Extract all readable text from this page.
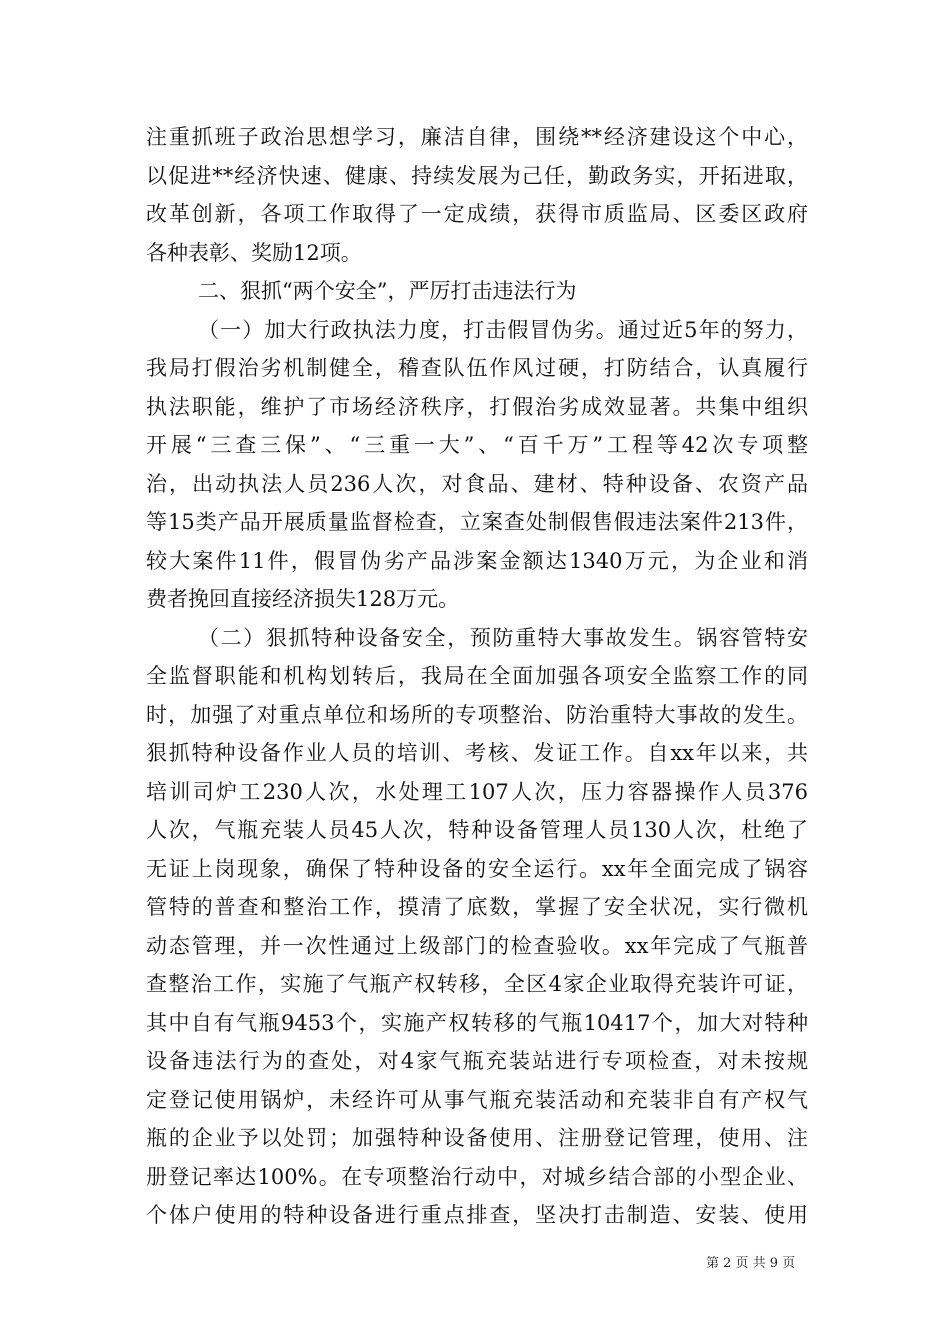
注重抓班子政治思想学习，廉洁自律，围绕**经济建设这个中心，
以促进**经济快速、健康、持续发展为己任，勤政务实，开拓进取，
改革创新，各项工作取得了一定成绩，获得市质监局、区委区政府
各种表彰、奖励12项。
二、狠抓“两个安全”，严厉打击违法行为
（一）加大行政执法力度，打击假冒伪劣。通过近5年的努力，
我局打假治劣机制健全，稽查队伍作风过硬，打防结合，认真履行
执法职能，维护了市场经济秩序，打假治劣成效显著。共集中组织
开展“三查三保”、“三重一大”、“百千万”工程等42次专项整
治，出动执法人员236人次，对食品、建材、特种设备、农资产品
等15类产品开展质量监督检查，立案查处制假售假违法案件213件，
较大案件11件，假冒伪劣产品涉案金额达1340万元，为企业和消
费者挽回直接经济损失128万元。
（二）狠抓特种设备安全，预防重特大事故发生。锅容管特安
全监督职能和机构划转后，我局在全面加强各项安全监察工作的同
时，加强了对重点单位和场所的专项整治、防治重特大事故的发生。
狠抓特种设备作业人员的培训、考核、发证工作。自xx年以来，共
培训司炉工230人次，水处理工107人次，压力容器操作人员376
人次，气瓶充装人员45人次，特种设备管理人员130人次，杜绝了
无证上岗现象，确保了特种设备的安全运行。xx年全面完成了锅容
管特的普查和整治工作，摸清了底数，掌握了安全状况，实行微机
动态管理，并一次性通过上级部门的检查验收。xx年完成了气瓶普
查整治工作，实施了气瓶产权转移，全区4家企业取得充装许可证，
其中自有气瓶9453个，实施产权转移的气瓶10417个，加大对特种
设备违法行为的查处，对4家气瓶充装站进行专项检查，对未按规
定登记使用锅炉，未经许可从事气瓶充装活动和充装非自有产权气
瓶的企业予以处罚；加强特种设备使用、注册登记管理，使用、注
册登记率达100%。在专项整治行动中，对城乡结合部的小型企业、
个体户使用的特种设备进行重点排查，坚决打击制造、安装、使用
第 2 页 共 9 页
